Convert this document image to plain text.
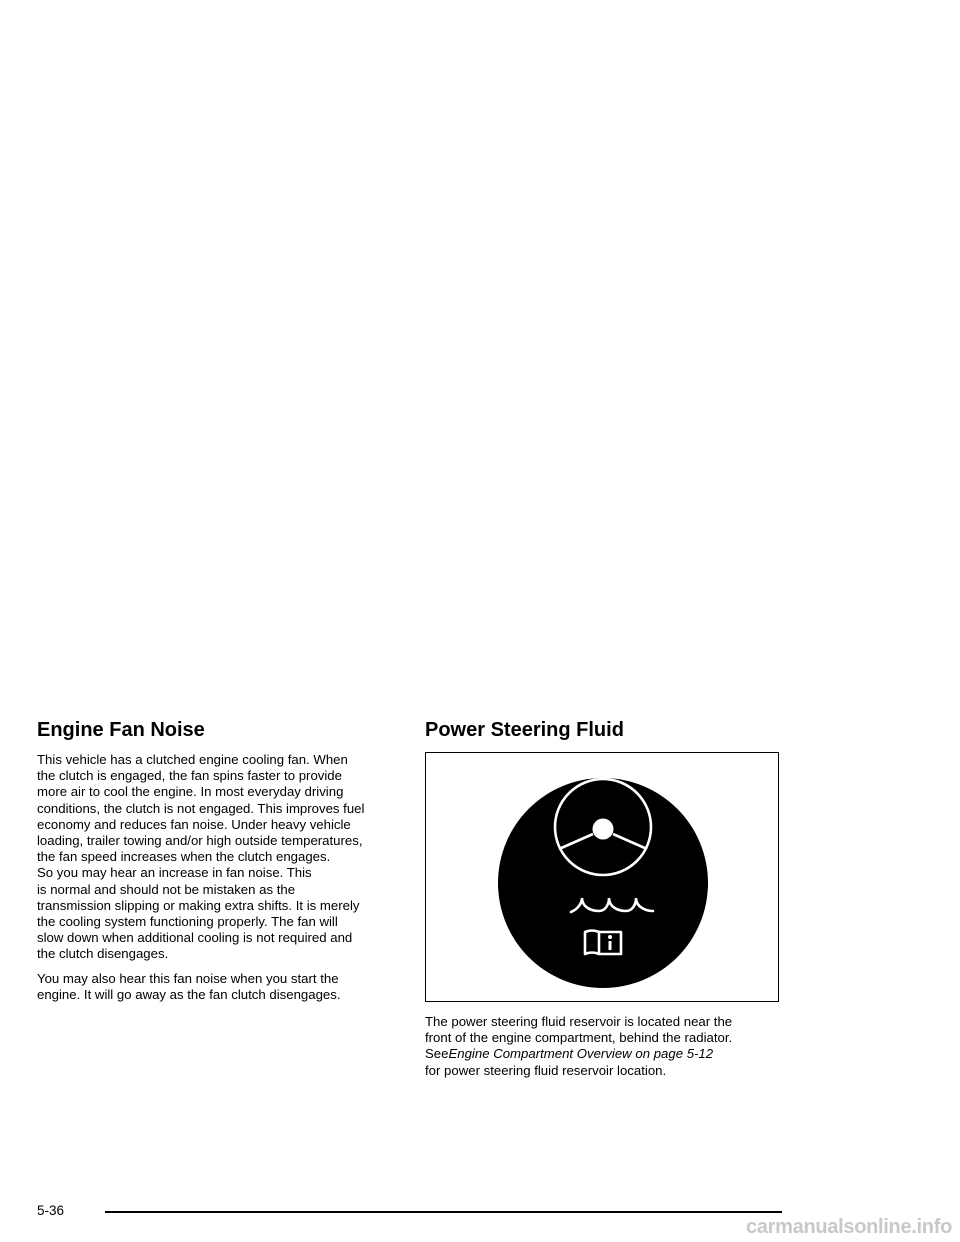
Engine Fan Noise

This vehicle has a clutched engine cooling fan. When
the clutch is engaged, the fan spins faster to provide
more air to cool the engine. In most everyday driving
conditions, the clutch is not engaged. This improves fuel
economy and reduces fan noise. Under heavy vehicle
loading, trailer towing and/or high outside temperatures,
the fan speed increases when the clutch engages.
So you may hear an increase in fan noise. This
is normal and should not be mistaken as the
transmission slipping or making extra shifts. It is merely
the cooling system functioning properly. The fan will
slow down when additional cooling is not required and
the clutch disengages.

You may also hear this fan noise when you start the
engine. It will go away as the fan clutch disengages.

Power Steering Fluid

The power steering fluid reservoir is located near the
front of the engine compartment, behind the radiator.
SeeEngine Compartment Overview on page 5-12
for power steering fluid reservoir location.

5-36
carmanualsonline.info
